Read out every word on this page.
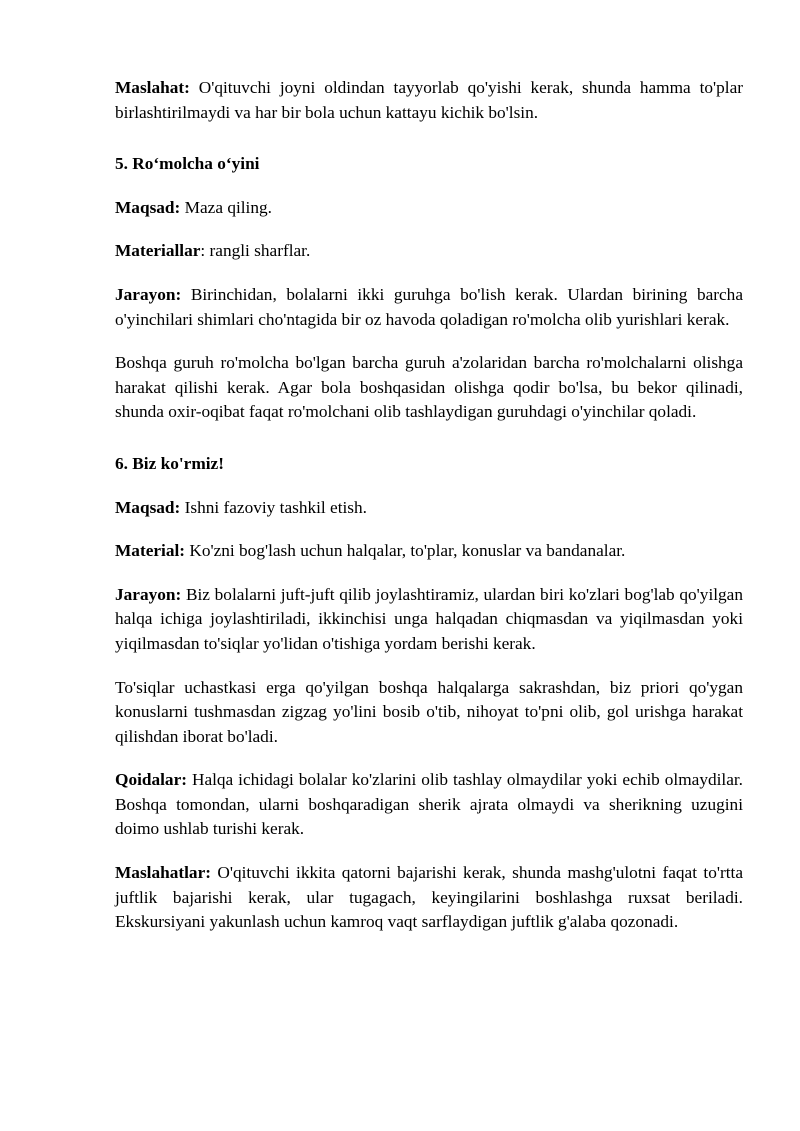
Maslahat: O'qituvchi joyni oldindan tayyorlab qo'yishi kerak, shunda hamma to'plar birlashtirilmaydi va har bir bola uchun kattayu kichik bo'lsin.

5. Ro‘molcha o‘yini

Maqsad: Maza qiling.

Materiallar: rangli sharflar.

Jarayon: Birinchidan, bolalarni ikki guruhga bo'lish kerak. Ulardan birining barcha o'yinchilari shimlari cho'ntagida bir oz havoda qoladigan ro'molcha olib yurishlari kerak.

Boshqa guruh ro'molcha bo'lgan barcha guruh a'zolaridan barcha ro'molchalarni olishga harakat qilishi kerak. Agar bola boshqasidan olishga qodir bo'lsa, bu bekor qilinadi, shunda oxir-oqibat faqat ro'molchani olib tashlaydigan guruhdagi o'yinchilar qoladi.

6. Biz ko'rmiz!

Maqsad: Ishni fazoviy tashkil etish.

Material: Ko'zni bog'lash uchun halqalar, to'plar, konuslar va bandanalar.

Jarayon: Biz bolalarni juft-juft qilib joylashtiramiz, ulardan biri ko'zlari bog'lab qo'yilgan halqa ichiga joylashtiriladi, ikkinchisi unga halqadan chiqmasdan va yiqilmasdan yoki yiqilmasdan to'siqlar yo'lidan o'tishiga yordam berishi kerak.

To'siqlar uchastkasi erga qo'yilgan boshqa halqalarga sakrashdan, biz priori qo'ygan konuslarni tushmasdan zigzag yo'lini bosib o'tib, nihoyat to'pni olib, gol urishga harakat qilishdan iborat bo'ladi.

Qoidalar: Halqa ichidagi bolalar ko'zlarini olib tashlay olmaydilar yoki echib olmaydilar. Boshqa tomondan, ularni boshqaradigan sherik ajrata olmaydi va sherikning uzugini doimo ushlab turishi kerak.

Maslahatlar: O'qituvchi ikkita qatorni bajarishi kerak, shunda mashg'ulotni faqat to'rtta juftlik bajarishi kerak, ular tugagach, keyingilarini boshlashga ruxsat beriladi. Ekskursiyani yakunlash uchun kamroq vaqt sarflaydigan juftlik g'alaba qozonadi.
